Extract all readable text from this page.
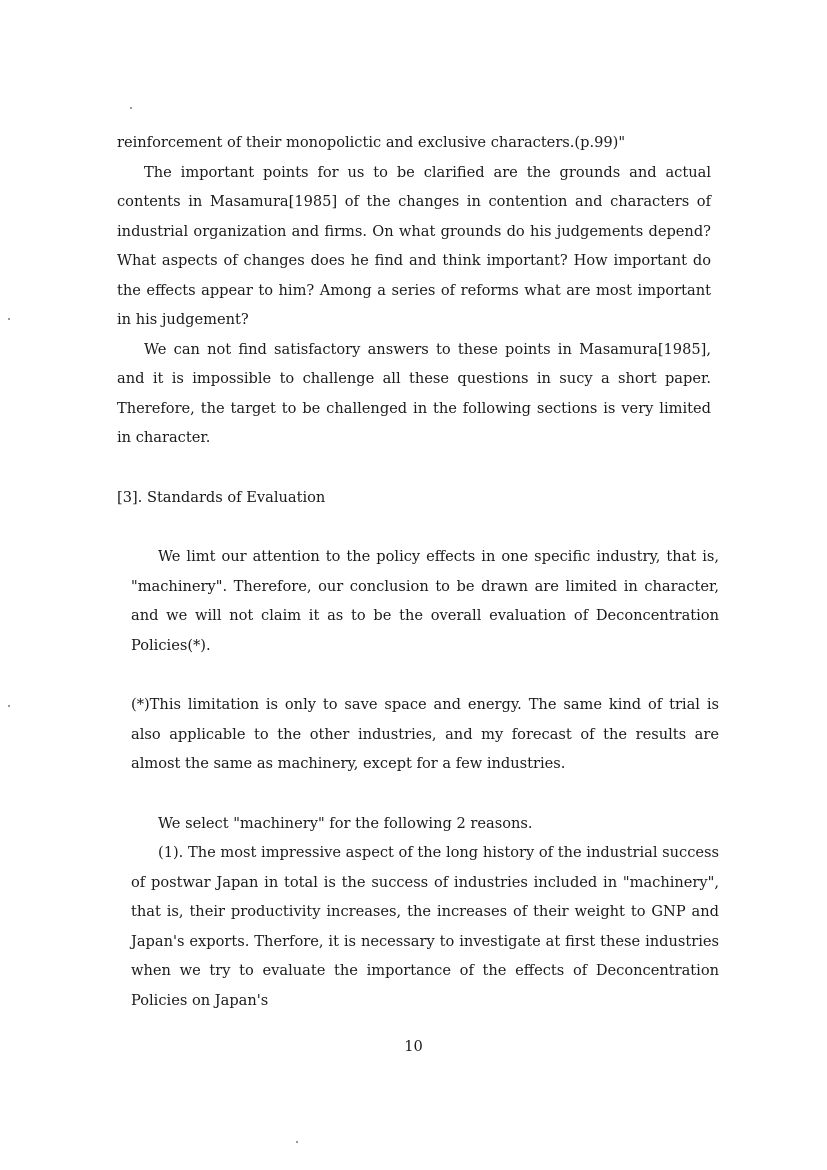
reinforcement of their monopolictic and exclusive characters.(p.99)"

The important points for us to be clarified are the grounds and actual contents in Masamura[1985] of the changes in contention and characters of industrial organization and firms. On what grounds do his judgements depend? What aspects of changes does he find and think important? How important do the effects appear to him? Among a series of reforms what are most important in his judgement?

We can not find satisfactory answers to these points in Masamura[1985], and it is impossible to challenge all these questions in sucy a short paper. Therefore, the target to be challenged in the following sections is very limited in character.

[3]. Standards of Evaluation

We limt our attention to the policy effects in one specific industry, that is, "machinery". Therefore, our conclusion to be drawn are limited in character, and we will not claim it as to be the overall evaluation of Deconcentration Policies(*).

(*)This limitation is only to save space and energy. The same kind of trial is also applicable to the other industries, and my forecast of the results are almost the same as machinery, except for a few industries.

We select "machinery" for the following 2 reasons.

(1). The most impressive aspect of the long history of the industrial success of postwar Japan in total is the success of industries included in "machinery", that is, their productivity increases, the increases of their weight to GNP and Japan's exports. Therfore, it is necessary to investigate at first these industries when we try to evaluate the importance of the effects of Deconcentration Policies on Japan's

10
